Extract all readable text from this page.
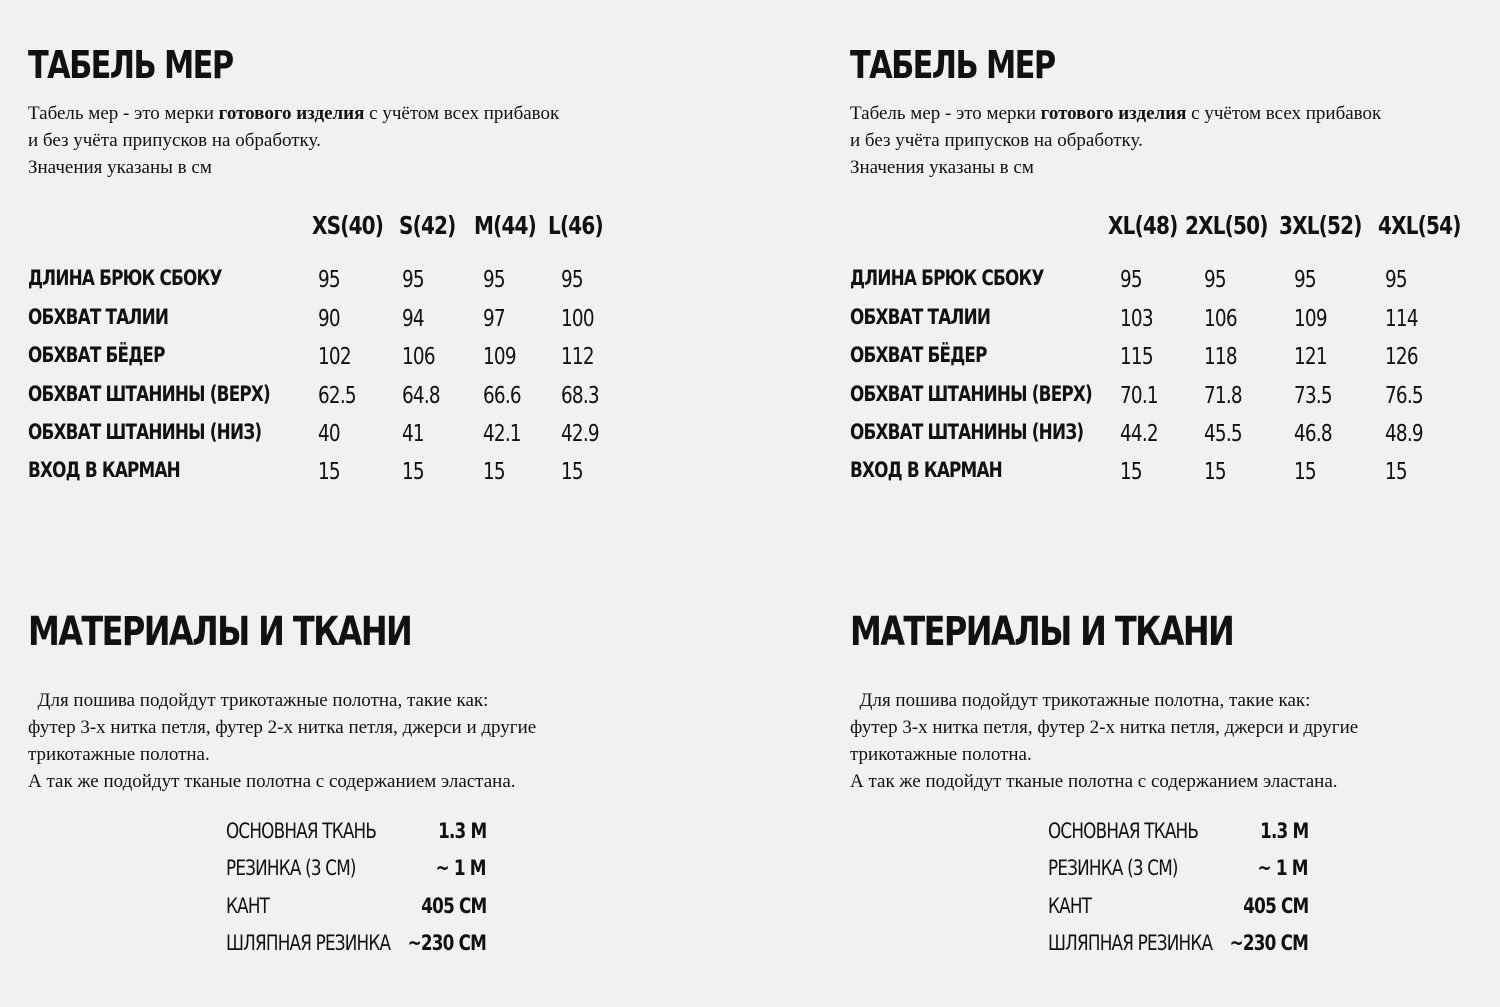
ТАБЕЛЬ МЕР

Табель мер - это мерки готового изделия с учётом всех прибавок
и без учёта припусков на обработку.
Значения указаны в см

XS(40) S(42) M(44) L(46)
ДЛИНА БРЮК СБОКУ	95	95	95 95
ОБХВАТ ТАЛИИ	90	94	97 100
ОБХВАТ БЁДЕР	102	106	109	112
ОБХВАТ ШТАНИНЫ (ВЕРХ)	62.5	64.8	66.6	68.3
ОБХВАТ ШТАНИНЫ (НИЗ)	40	41	42.1	42.9
ВХОД В КАРМАН	15	15	15 15
МАТЕРИАЛЫ И ТКАНИ

Для пошива подойдут трикотажные полотна, такие как:
футер 3-х нитка петля, футер 2-х нитка петля, джерси и другие
трикотажные полотна.
А так же подойдут тканые полотна с содержанием эластана.

ОСНОВНАЯ ТКАНЬ	1.3 М
РЕЗИНКА (3 СМ)	~ 1 М
КАНТ	405 СМ
ШЛЯПНАЯ РЕЗИНКА ~230 СМ
ТАБЕЛЬ МЕР

Табель мер - это мерки готового изделия с учётом всех прибавок
и без учёта припусков на обработку.
Значения указаны в см

XL(48) 2XL(50) 3XL(52) 4XL(54)
ДЛИНА БРЮК СБОКУ	95	95	95	95
ОБХВАТ ТАЛИИ	103	106	109	114
ОБХВАТ БЁДЕР	115	118	121	126
ОБХВАТ ШТАНИНЫ (ВЕРХ)	70.1	71.8	73.5	76.5
ОБХВАТ ШТАНИНЫ (НИЗ)	44.2	45.5	46.8	48.9
ВХОД В КАРМАН	15	15	15	15
МАТЕРИАЛЫ И ТКАНИ

Для пошива подойдут трикотажные полотна, такие как:
футер 3-х нитка петля, футер 2-х нитка петля, джерси и другие
трикотажные полотна.
А так же подойдут тканые полотна с содержанием эластана.

ОСНОВНАЯ ТКАНЬ	1.3 М
РЕЗИНКА (3 СМ)	~ 1 М
КАНТ	405 СМ
ШЛЯПНАЯ РЕЗИНКА ~230 СМ
